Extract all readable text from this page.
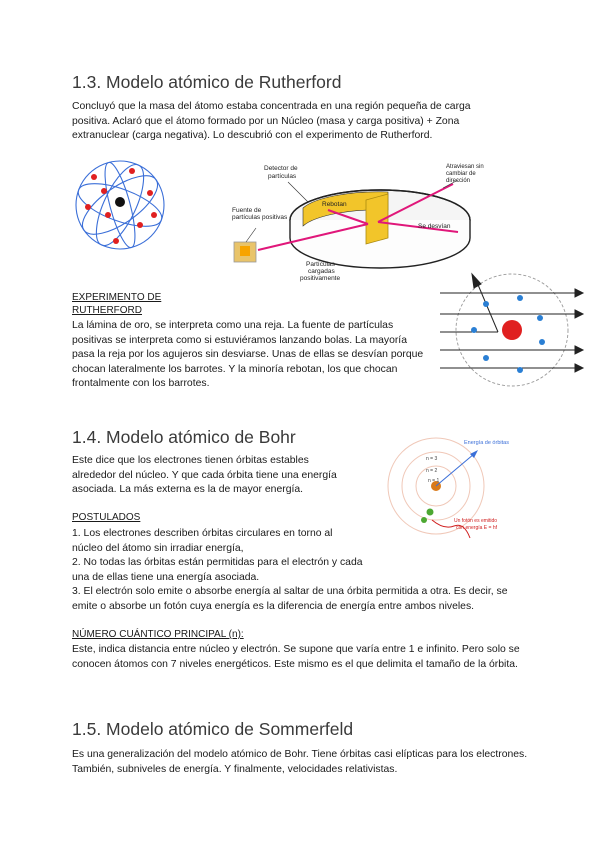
1.3. Modelo atómico de Rutherford

Concluyó que la masa del átomo estaba concentrada en una región pequeña de carga positiva. Aclaró que el átomo formado por un Núcleo (masa y carga positiva) + Zona extranuclear (carga negativa). Lo descubrió con el experimento de Rutherford.

Detector de
partículas
Atraviesan sin
cambiar de
dirección
Fuente de
partículas positivas
Rebotan
Se desvían
Partículas
cargadas
positivamente

EXPERIMENTO DE RUTHERFORD

La lámina de oro, se interpreta como una reja. La fuente de partículas positivas se interpreta como si estuviéramos lanzando bolas. La mayoría pasa la reja por los agujeros sin desviarse. Unas de ellas se desvían porque chocan lateralmente los barrotes. Y la minoría rebotan, los que chocan frontalmente con los barrotes.

1.4. Modelo atómico de Bohr

Este dice que los electrones tienen órbitas estables alrededor del núcleo. Y que cada órbita tiene una energía asociada. La más externa es la de mayor energía.

Energía de órbitas
n = 3
n = 2
n = 1
Un fotón es emitido
con energía E = hf

POSTULADOS

1. Los electrones describen órbitas circulares en torno al núcleo del átomo sin irradiar energía,

2. No todas las órbitas están permitidas para el electrón y cada una de ellas tiene una energía asociada.

3. El electrón solo emite o absorbe energía al saltar de una órbita permitida a otra. Es decir, se emite o absorbe un fotón cuya energía es la diferencia de energía entre ambos niveles.

NÚMERO CUÁNTICO PRINCIPAL (n):

Este, indica distancia entre núcleo y electrón. Se supone que varía entre 1 e infinito. Pero solo se conocen átomos con 7 niveles energéticos. Este mismo es el que delimita el tamaño de la órbita.

1.5. Modelo atómico de Sommerfeld

Es una generalización del modelo atómico de Bohr. Tiene órbitas casi elípticas para los electrones. También, subniveles de energía. Y finalmente, velocidades relativistas.
